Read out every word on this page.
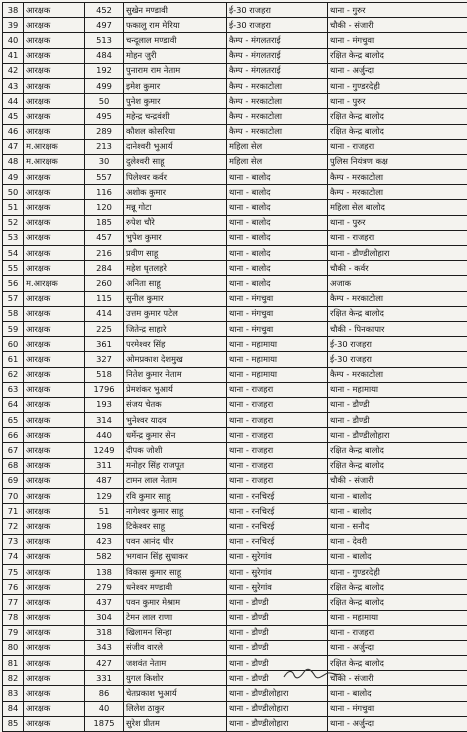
38	आरक्षक	452	सुखेन मण्डावी	ई-30 राजहरा	थाना - गुरुर
39	आरक्षक	497	फकालु राम मेरिया	ई-30 राजहरा	चौकी - संजारी
40	आरक्षक	513	चन्दूलाल मण्डावी	कैम्प - मंगलतराई	थाना - मंगचुवा
41	आरक्षक	484	मोहन जुरी	कैम्प - मंगलतराई	रक्षित केन्द्र बालोद
42	आरक्षक	192	पुनाराम राम नेताम	कैम्प - मंगलतराई	थाना - अर्जुन्दा
43	आरक्षक	499	इमेश कुमार	कैम्प - मरकाटोला	थाना - गुण्डरदेही
44	आरक्षक	50	पुनेश कुमार	कैम्प - मरकाटोला	थाना - पुरुर
45	आरक्षक	495	महेन्द्र चन्द्रवंशी	कैम्प - मरकाटोला	रक्षित केन्द्र बालोद
46	आरक्षक	289	कौशल कोसरिया	कैम्प - मरकाटोला	रक्षित केन्द्र बालोद
47	म.आरक्षक	213	दानेश्वरी भुआर्य	महिला सेल	थाना - राजहरा
48	म.आरक्षक	30	दुलेश्वरी साहू	महिला सेल	पुलिस नियंत्रण कक्ष
49	आरक्षक	557	पिलेश्वर कर्वर	थाना - बालोद	कैम्प - मरकाटोला
50	आरक्षक	116	अशोक कुमार	थाना - बालोद	कैम्प - मरकाटोला
51	आरक्षक	120	मन्नू गोटा	थाना - बालोद	महिला सेल बालोद
52	आरक्षक	185	रुपेश चौरे	थाना - बालोद	थाना - पुरुर
53	आरक्षक	457	भुपेश कुमार	थाना - बालोद	थाना - राजहरा
54	आरक्षक	216	प्रवीण साहू	थाना - बालोद	थाना - डौण्डीलोहारा
55	आरक्षक	284	महेश धृतलहरे	थाना - बालोद	चौकी - कर्वर
56	म.आरक्षक	260	अनिता साहू	थाना - बालोद	अजाक
57	आरक्षक	115	सुनील कुमार	थाना - मंगचुवा	कैम्प - मरकाटोला
58	आरक्षक	414	उत्तम कुमार पटेल	थाना - मंगचुवा	रक्षित केन्द्र बालोद
59	आरक्षक	225	जितेन्द्र साहारे	थाना - मंगचुवा	चौकी - पिनकापार
60	आरक्षक	361	परमेश्वर सिंह	थाना - महामाया	ई-30 राजहरा
61	आरक्षक	327	ओमप्रकाश देशमुख	थाना - महामाया	ई-30 राजहरा
62	आरक्षक	518	नितेश कुमार नेताम	थाना - महामाया	कैम्प - मरकाटोला
63	आरक्षक	1796	प्रेमशंकर भुआर्य	थाना - राजहरा	थाना - महामाया
64	आरक्षक	193	संजय चेतक	थाना - राजहरा	थाना - डौण्डी
65	आरक्षक	314	भुनेश्वर यादव	थाना - राजहरा	थाना - डौण्डी
66	आरक्षक	440	धर्मेन्द्र कुमार सेन	थाना - राजहरा	थाना - डौण्डीलोहारा
67	आरक्षक	1249	दीपक जोशी	थाना - राजहरा	रक्षित केन्द्र बालोद
68	आरक्षक	311	मनोहर सिंह राजपूत	थाना - राजहरा	रक्षित केन्द्र बालोद
69	आरक्षक	487	टामन लाल नेताम	थाना - राजहरा	चौकी - संजारी
70	आरक्षक	129	रवि कुमार साहू	थाना - रनचिरई	थाना - बालोद
71	आरक्षक	51	नागेश्वर कुमार साहू	थाना - रनचिरई	थाना - बालोद
72	आरक्षक	198	टिकेश्वर साहू	थाना - रनचिरई	थाना - सनौद
73	आरक्षक	423	पवन आनंद धीर	थाना - रनचिरई	थाना - देवरी
74	आरक्षक	582	भगवान सिंह सुधाकर	थाना - सुरेगांव	थाना - बालोद
75	आरक्षक	138	विकास कुमार साहू	थाना - सुरेगांव	थाना - गुण्डरदेही
76	आरक्षक	279	धनेश्वर मण्डावी	थाना - सुरेगांव	रक्षित केन्द्र बालोद
77	आरक्षक	437	पवन कुमार मेश्राम	थाना - डौण्डी	रक्षित केन्द्र बालोद
78	आरक्षक	304	टेमन लाल राणा	थाना - डौण्डी	थाना - महामाया
79	आरक्षक	318	खिलामन सिन्हा	थाना - डौण्डी	थाना - राजहरा
80	आरक्षक	343	संजीव वारले	थाना - डौण्डी	थाना - अर्जुन्दा
81	आरक्षक	427	जशवंत नेताम	थाना - डौण्डी	रक्षित केन्द्र बालोद
82	आरक्षक	331	युगल किशोर	थाना - डौण्डी	चौकी - संजारी
83	आरक्षक	86	चेतप्रकाश भुआर्य	थाना - डौण्डीलोहारा	थाना - बालोद
84	आरक्षक	40	लिलेश ठाकुर	थाना - डौण्डीलोहारा	थाना - मंगचुवा
85	आरक्षक	1875	सुरेश प्रीतम	थाना - डौण्डीलोहारा	थाना - अर्जुन्दा
